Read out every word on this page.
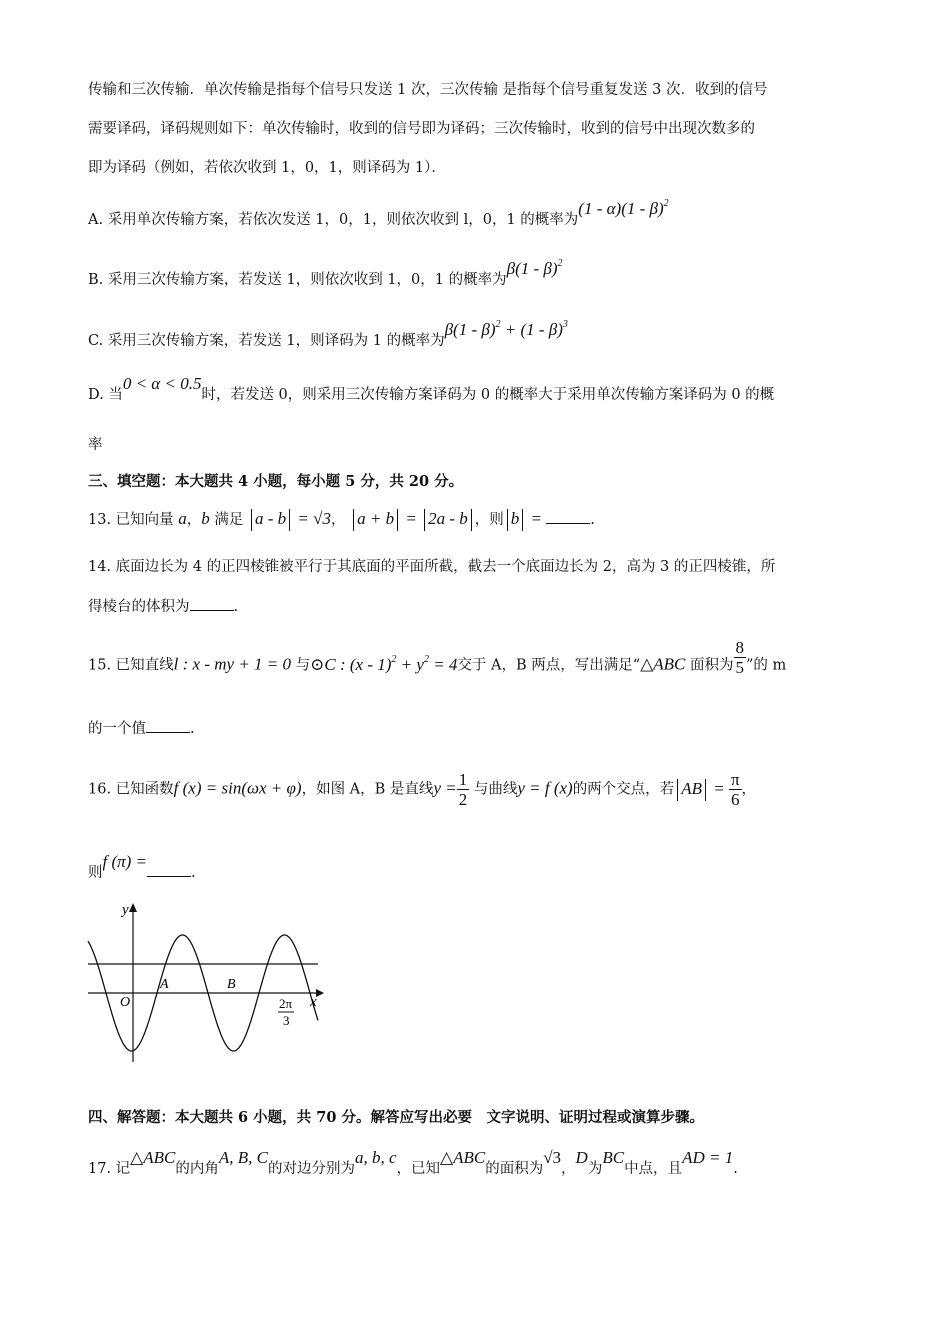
传输和三次传输．单次传输是指每个信号只发送 1 次，三次传输 是指每个信号重复发送 3 次．收到的信号
需要译码，译码规则如下：单次传输时，收到的信号即为译码；三次传输时，收到的信号中出现次数多的
即为译码（例如，若依次收到 1，0，1，则译码为 1）．
A. 采用单次传输方案，若依次发送 1，0，1，则依次收到 l，0，1 的概率为(1 - α)(1 - β)$^2$
B. 采用三次传输方案，若发送 1，则依次收到 1，0，1 的概率为β(1 - β)$^2$
C. 采用三次传输方案，若发送 1，则译码为 1 的概率为β(1 - β)$^2$ + (1 - β)$^3$
D. 当0 < α < 0.5时，若发送 0，则采用三次传输方案译码为 0 的概率大于采用单次传输方案译码为 0 的概
率
三、填空题：本大题共 4 小题，每小题 5 分，共 20 分。
13. 已知向量 a，b 满足 a - b = √3， a + b = 2a - b ，则 b =	.
14. 底面边长为 4 的正四棱锥被平行于其底面的平面所截，截去一个底面边长为 2，高为 3 的正四棱锥，所
得棱台的体积为	.
15. 已知直线l : x - my + 1 = 0 与⊙C : $(x - 1)^2 + y^2 = 4$交于 A，B 两点，写出满足“△ABC 面积为 $\frac{8}{5}$ ”的 m
的一个值	.
16. 已知函数f (x) = sin(ωx + φ)，如图 A，B 是直线$y = \frac{1}{2}$ 与曲线y = f (x)的两个交点，若 AB = $\frac{\pi}{6}$ ，
则f (π) =.
y
x
O
A	B
2π
3
四、解答题：本大题共 6 小题，共 70 分。解答应写出必要　文字说明、证明过程或演算步骤。
17. 记△ABC的内角A, B, C的对边分别为a, b, c，已知△ABC的面积为√3，D为BC中点，且AD = 1.
